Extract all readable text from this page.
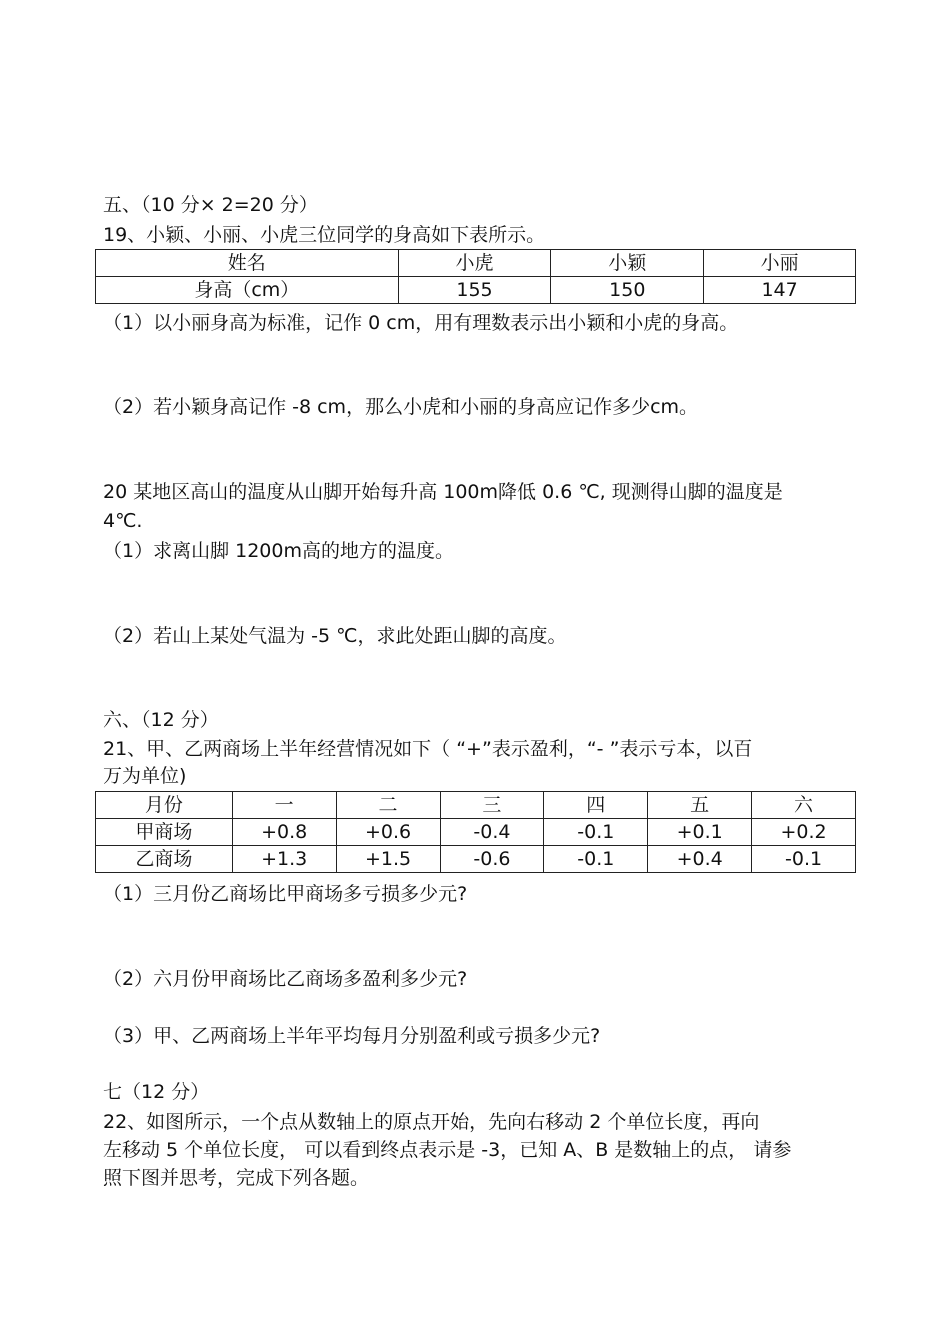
五、（10 分× 2=20 分）
19、小颖、小丽、小虎三位同学的身高如下表所示。
姓名	小虎	小颖	小丽
身高（cm）	155	150	147
（1）以小丽身高为标准，记作 0 cm，用有理数表示出小颖和小虎的身高。
（2）若小颖身高记作 -8 cm，那么小虎和小丽的身高应记作多少cm。
20 某地区高山的温度从山脚开始每升高 100m降低 0.6 ℃, 现测得山脚的温度是
4℃.
（1）求离山脚 1200m高的地方的温度。
（2）若山上某处气温为 -5 ℃，求此处距山脚的高度。
六、（12 分）
21、甲、乙两商场上半年经营情况如下（ “+”表示盈利，“- ”表示亏本，以百
万为单位)
月份	一	二	三	四	五	六
甲商场	+0.8	+0.6	-0.4	-0.1	+0.1	+0.2
乙商场	+1.3	+1.5	-0.6	-0.1	+0.4	-0.1
（1）三月份乙商场比甲商场多亏损多少元?
（2）六月份甲商场比乙商场多盈利多少元?
（3）甲、乙两商场上半年平均每月分别盈利或亏损多少元?
七（12 分）
22、如图所示，一个点从数轴上的原点开始，先向右移动 2 个单位长度，再向
左移动 5 个单位长度， 可以看到终点表示是 -3，已知 A、B 是数轴上的点， 请参
照下图并思考，完成下列各题。
